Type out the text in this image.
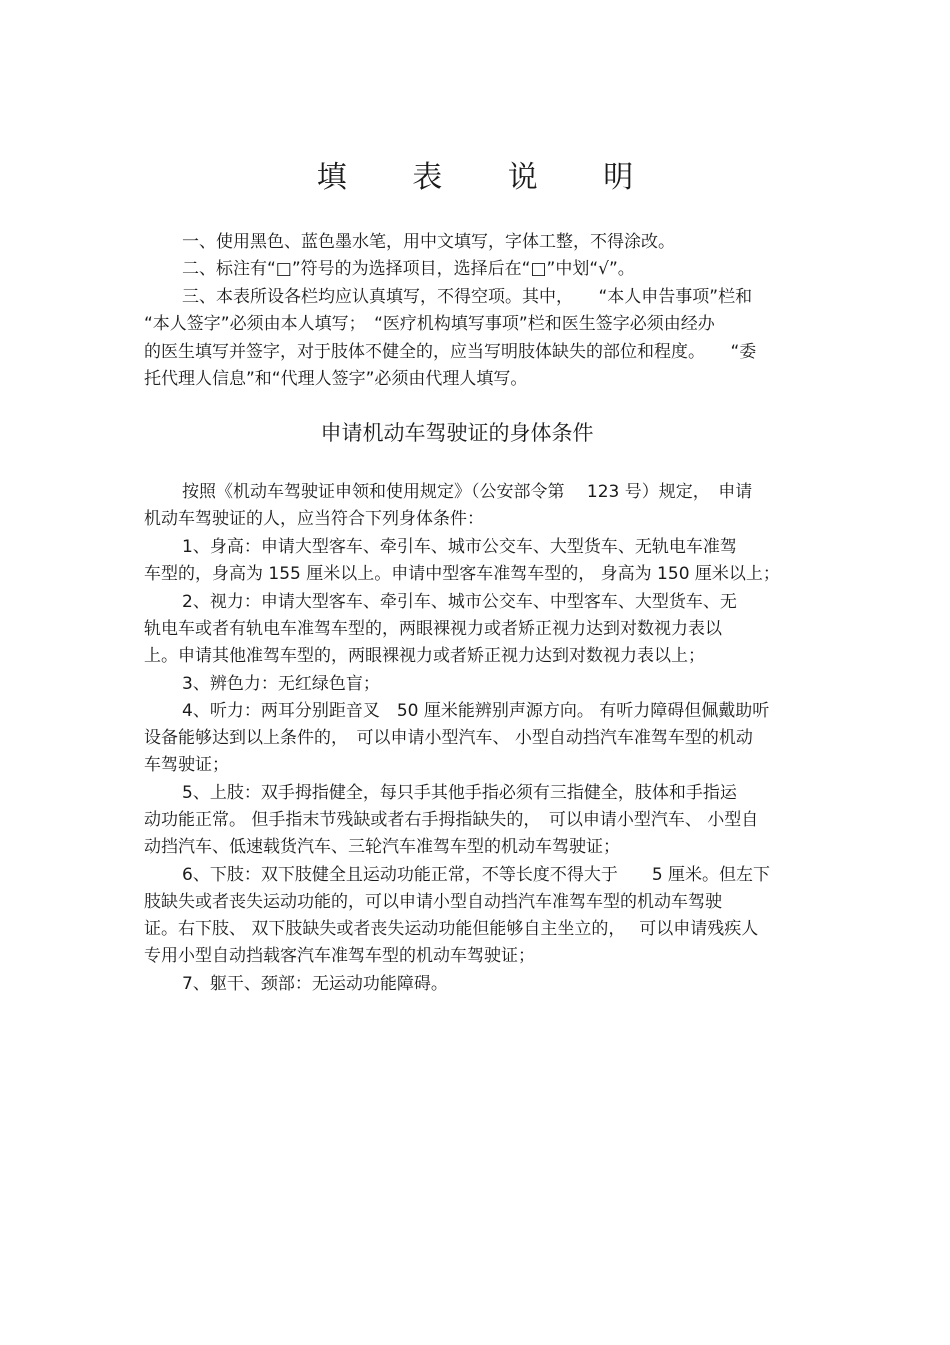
填 表 说 明
一、使用黑色、蓝色墨水笔，用中文填写，字体工整，不得涂改。
二、标注有“□”符号的为选择项目，选择后在“□”中划“√”。
三、本表所设各栏均应认真填写，不得空项。其中，　　“本人申告事项”栏和
“本人签字”必须由本人填写；　“医疗机构填写事项”栏和医生签字必须由经办
的医生填写并签字，对于肢体不健全的，应当写明肢体缺失的部位和程度。　　“委
托代理人信息”和“代理人签字”必须由代理人填写。
申请机动车驾驶证的身体条件
按照《机动车驾驶证申领和使用规定》（公安部令第　 123 号）规定，　申请
机动车驾驶证的人，应当符合下列身体条件：
1、身高：申请大型客车、牵引车、城市公交车、大型货车、无轨电车准驾
车型的，身高为 155 厘米以上。申请中型客车准驾车型的， 身高为 150 厘米以上；
2、视力：申请大型客车、牵引车、城市公交车、中型客车、大型货车、无
轨电车或者有轨电车准驾车型的，两眼裸视力或者矫正视力达到对数视力表以
上。申请其他准驾车型的，两眼裸视力或者矫正视力达到对数视力表以上；
3、辨色力：无红绿色盲；
4、听力：两耳分别距音叉　50 厘米能辨别声源方向。 有听力障碍但佩戴助听
设备能够达到以上条件的，　可以申请小型汽车、 小型自动挡汽车准驾车型的机动
车驾驶证；
5、上肢：双手拇指健全，每只手其他手指必须有三指健全，肢体和手指运
动功能正常。 但手指末节残缺或者右手拇指缺失的，　可以申请小型汽车、 小型自
动挡汽车、低速载货汽车、三轮汽车准驾车型的机动车驾驶证；
6、下肢：双下肢健全且运动功能正常，不等长度不得大于　　5 厘米。但左下
肢缺失或者丧失运动功能的，可以申请小型自动挡汽车准驾车型的机动车驾驶
证。右下肢、 双下肢缺失或者丧失运动功能但能够自主坐立的，　 可以申请残疾人
专用小型自动挡载客汽车准驾车型的机动车驾驶证；
7、躯干、颈部：无运动功能障碍。
